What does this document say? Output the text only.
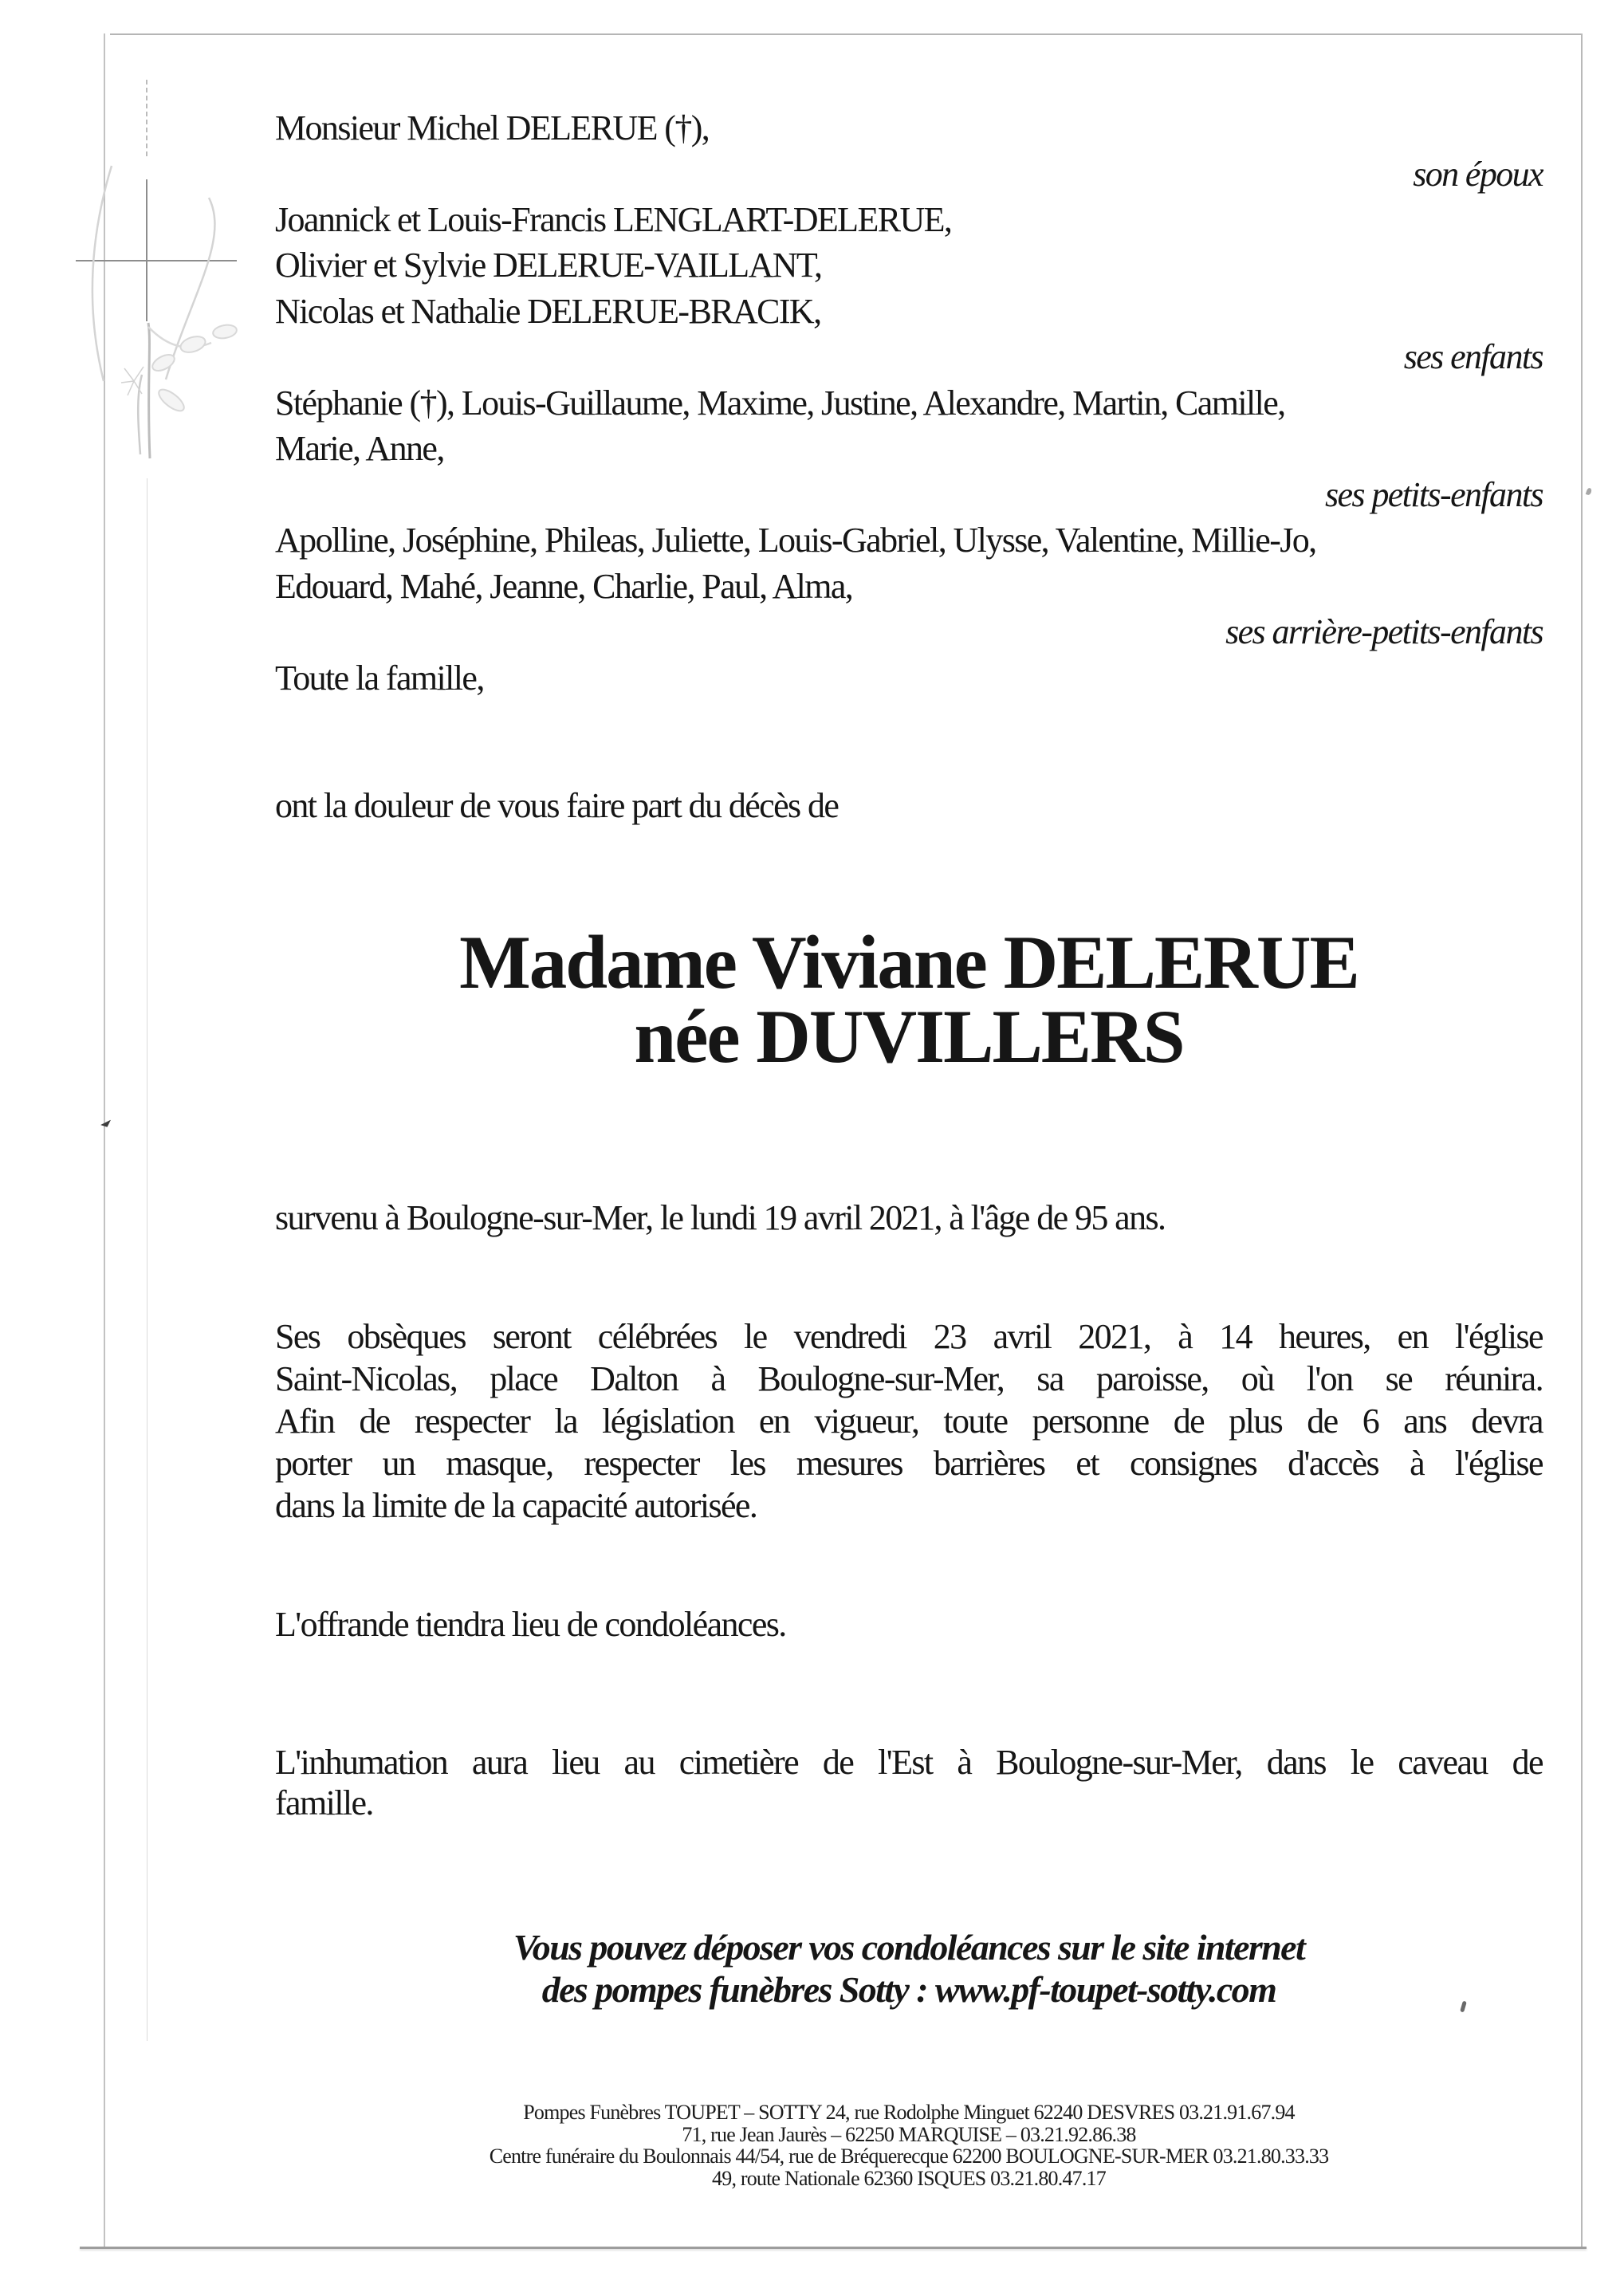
Monsieur Michel DELERUE (†),
son époux
Joannick et Louis-Francis LENGLART-DELERUE,
Olivier et Sylvie DELERUE-VAILLANT,
Nicolas et Nathalie DELERUE-BRACIK,
ses enfants
Stéphanie (†), Louis-Guillaume, Maxime, Justine, Alexandre, Martin, Camille,
Marie, Anne,
ses petits-enfants
Apolline, Joséphine, Phileas, Juliette, Louis-Gabriel, Ulysse, Valentine, Millie-Jo,
Edouard, Mahé, Jeanne, Charlie, Paul, Alma,
ses arrière-petits-enfants
Toute la famille,
ont la douleur de vous faire part du décès de
Madame Viviane DELERUE
née DUVILLERS
survenu à Boulogne-sur-Mer, le lundi 19 avril 2021, à l'âge de 95 ans.
Ses obsèques seront célébrées le vendredi 23 avril 2021, à 14 heures, en l'église
Saint-Nicolas, place Dalton à Boulogne-sur-Mer, sa paroisse, où l'on se réunira.
Afin de respecter la législation en vigueur, toute personne de plus de 6 ans devra
porter un masque, respecter les mesures barrières et consignes d'accès à l'église
dans la limite de la capacité autorisée.
L'offrande tiendra lieu de condoléances.
L'inhumation aura lieu au cimetière de l'Est à Boulogne-sur-Mer, dans le caveau de
famille.
Vous pouvez déposer vos condoléances sur le site internet
des pompes funèbres Sotty : www.pf-toupet-sotty.com
Pompes Funèbres TOUPET – SOTTY 24, rue Rodolphe Minguet 62240 DESVRES 03.21.91.67.94
71, rue Jean Jaurès – 62250 MARQUISE – 03.21.92.86.38
Centre funéraire du Boulonnais 44/54, rue de Bréquerecque 62200 BOULOGNE-SUR-MER 03.21.80.33.33
49, route Nationale 62360 ISQUES 03.21.80.47.17
